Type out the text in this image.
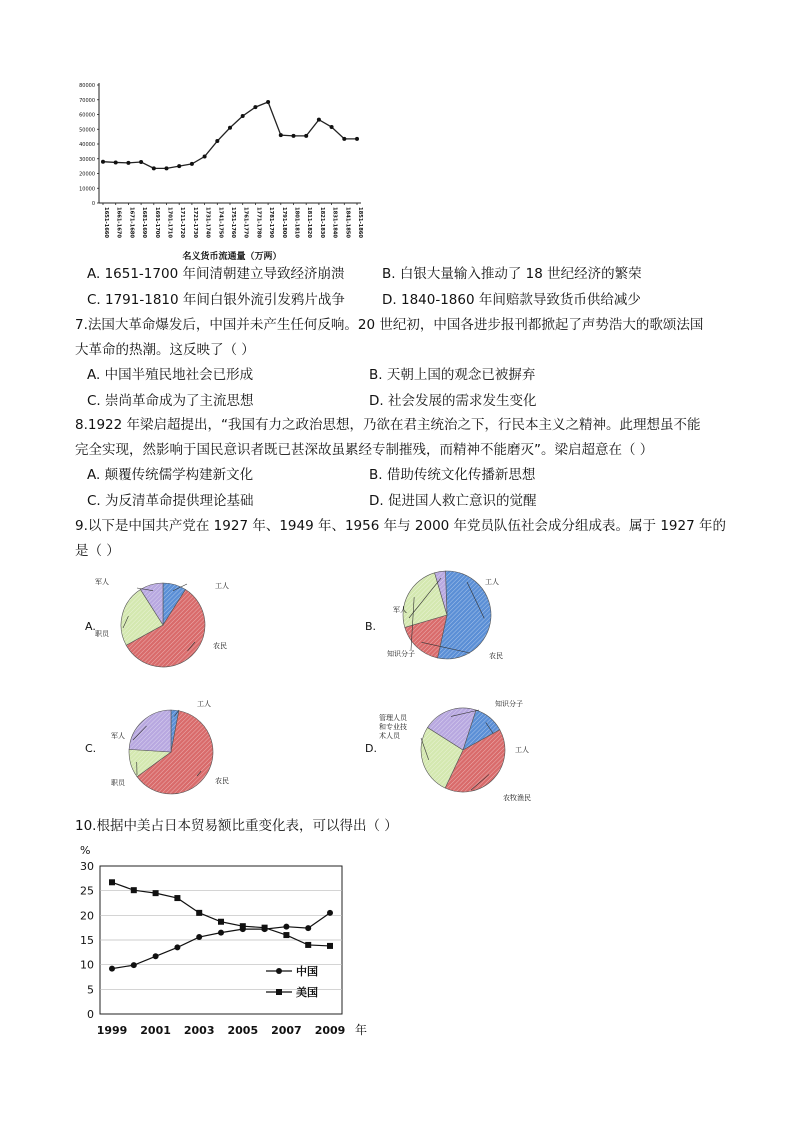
0
10000
20000
30000
40000
50000
60000
70000
80000
1651-1660 1661-1670 1671-1680 1681-1690 1691-1700 1701-1710 1711-1720 1721-1730 1731-1740 1741-1750 1751-1760 1761-1770 1771-1780 1781-1790 1791-1800 1801-1810 1811-1820 1821-1830 1831-1840 1841-1850 1851-1860
名义货币流通量（万两）
A. 1651-1700 年间清朝建立导致经济崩溃	B. 白银大量输入推动了 18 世纪经济的繁荣
C. 1791-1810 年间白银外流引发鸦片战争	D. 1840-1860 年间赔款导致货币供给减少
7.法国大革命爆发后，中国并未产生任何反响。20 世纪初，中国各进步报刊都掀起了声势浩大的歌颂法国
大革命的热潮。这反映了（ ）
A. 中国半殖民地社会已形成	B. 天朝上国的观念已被摒弃
C. 崇尚革命成为了主流思想	D. 社会发展的需求发生变化
8.1922 年梁启超提出，“我国有力之政治思想，乃欲在君主统治之下，行民本主义之精神。此理想虽不能
完全实现，然影响于国民意识者既已甚深故虽累经专制摧残，而精神不能磨灭”。梁启超意在（ ）
A. 颠覆传统儒学构建新文化	B. 借助传统文化传播新思想
C. 为反清革命提供理论基础	D. 促进国人救亡意识的觉醒
9.以下是中国共产党在 1927 年、1949 年、1956 年与 2000 年党员队伍社会成分组成表。属于 1927 年的
是（ ）
A.
工人
农民
职员
军人
B.
工人
农民
知识分子
军人
C.
工人
农民
职员
军人
D.	工人
农牧渔民
管理人员和专业技术人员
知识分子
10.根据中美占日本贸易额比重变化表，可以得出（ ）
%
0
5
10
15
20
25
30
1999 2001 2003 2005 2007 2009 年
中国
美国
